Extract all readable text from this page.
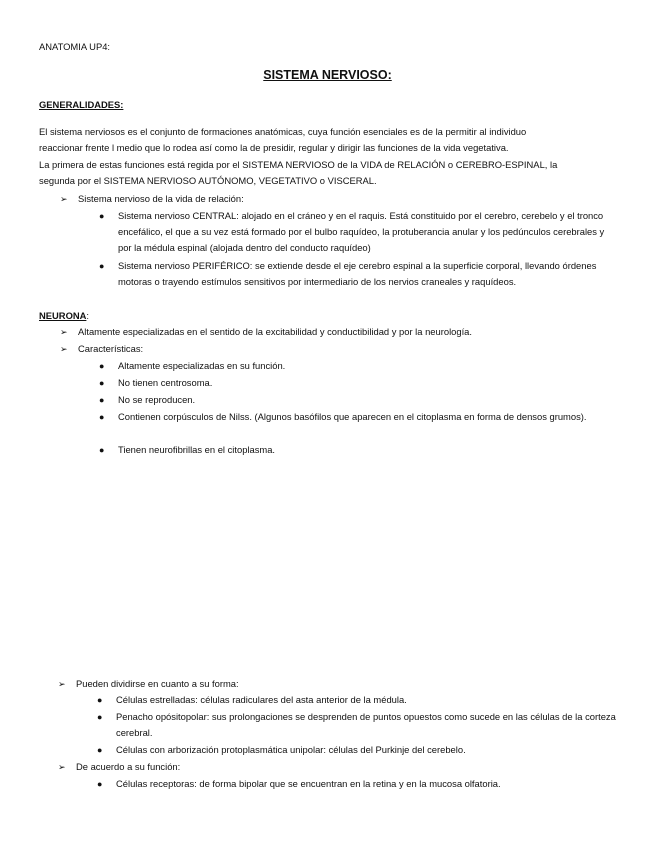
ANATOMIA UP4:
SISTEMA NERVIOSO:
GENERALIDADES:
El sistema nerviosos es el conjunto de formaciones anatómicas, cuya función esenciales es de la permitir al individuo
reaccionar frente l medio que lo rodea así como la de presidir, regular y dirigir las funciones de la vida vegetativa.
La primera de estas funciones está regida por el SISTEMA NERVIOSO de la VIDA de RELACIÓN o CEREBRO-ESPINAL, la
segunda por el SISTEMA NERVIOSO AUTÓNOMO, VEGETATIVO o VISCERAL.
➢ Sistema nervioso de la vida de relación:
●	Sistema nervioso CENTRAL: alojado en el cráneo y en el raquis. Está constituido por el cerebro, cerebelo y el tronco encefálico, el que a su vez está formado por el bulbo raquídeo, la protuberancia anular y los pedúnculos cerebrales y por la médula espinal (alojada dentro del conducto raquídeo)
●	Sistema nervioso PERIFÉRICO: se extiende desde el eje cerebro espinal a la superficie corporal, llevando órdenes motoras o trayendo estímulos sensitivos por intermediario de los nervios craneales y raquídeos.
NEURONA:
➢ Altamente especializadas en el sentido de la excitabilidad y conductibilidad y por la neurología.
➢ Características:
●	Altamente especializadas en su función.
●	No tienen centrosoma.
●	No se reproducen.
●	Contienen corpúsculos de Nilss. (Algunos basófilos que aparecen en el citoplasma en forma de densos grumos).
●	Tienen neurofibrillas en el citoplasma.
➢ Pueden dividirse en cuanto a su forma:
●	Células estrelladas: células radiculares del asta anterior de la médula.
●	Penacho opósitopolar: sus prolongaciones se desprenden de puntos opuestos como sucede en las células de la corteza cerebral.
●	Células con arborización protoplasmática unipolar: células del Purkinje del cerebelo.
➢ De acuerdo a su función:
●	Células receptoras: de forma bipolar que se encuentran en la retina y en la mucosa olfatoria.
